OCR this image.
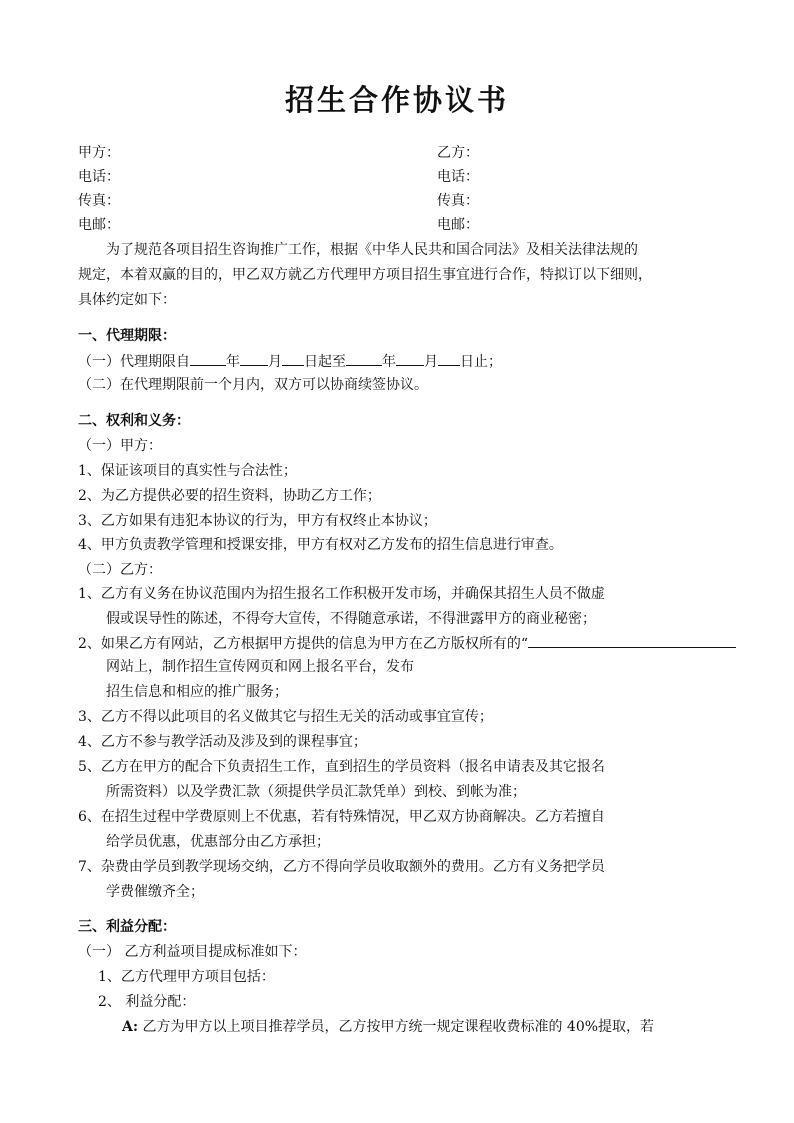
招生合作协议书
甲方：	乙方：
电话：	电话：
传真：	传真：
电邮：	电邮：
为了规范各项目招生咨询推广工作，根据《中华人民共和国合同法》及相关法律法规的
规定，本着双赢的目的，甲乙双方就乙方代理甲方项目招生事宜进行合作，特拟订以下细则，
具体约定如下：
一、代理期限：
（一）代理期限自	年 月 日起至	年 月 日止；
（二）在代理期限前一个月内，双方可以协商续签协议。
二、权利和义务：
（一）甲方：
1、保证该项目的真实性与合法性；
2、为乙方提供必要的招生资料，协助乙方工作；
3、乙方如果有违犯本协议的行为，甲方有权终止本协议；
4、甲方负责教学管理和授课安排，甲方有权对乙方发布的招生信息进行审查。
（二）乙方：
1、乙方有义务在协议范围内为招生报名工作积极开发市场，并确保其招生人员不做虚
假或误导性的陈述，不得夸大宣传，不得随意承诺，不得泄露甲方的商业秘密；
2、如果乙方有网站，乙方根据甲方提供的信息为甲方在乙方版权所有的“
网站上，制作招生宣传网页和网上报名平台，发布
招生信息和相应的推广服务；
3、乙方不得以此项目的名义做其它与招生无关的活动或事宜宣传；
4、乙方不参与教学活动及涉及到的课程事宜；
5、乙方在甲方的配合下负责招生工作，直到招生的学员资料（报名申请表及其它报名
所需资料）以及学费汇款（须提供学员汇款凭单）到校、到帐为准；
6、在招生过程中学费原则上不优惠，若有特殊情况，甲乙双方协商解决。乙方若擅自
给学员优惠，优惠部分由乙方承担；
7、杂费由学员到教学现场交纳，乙方不得向学员收取额外的费用。乙方有义务把学员
学费催缴齐全；
三、利益分配：
（一） 乙方利益项目提成标准如下：
1、乙方代理甲方项目包括：
2、 利益分配：
A: 乙方为甲方以上项目推荐学员，乙方按甲方统一规定课程收费标准的 40%提取，若
